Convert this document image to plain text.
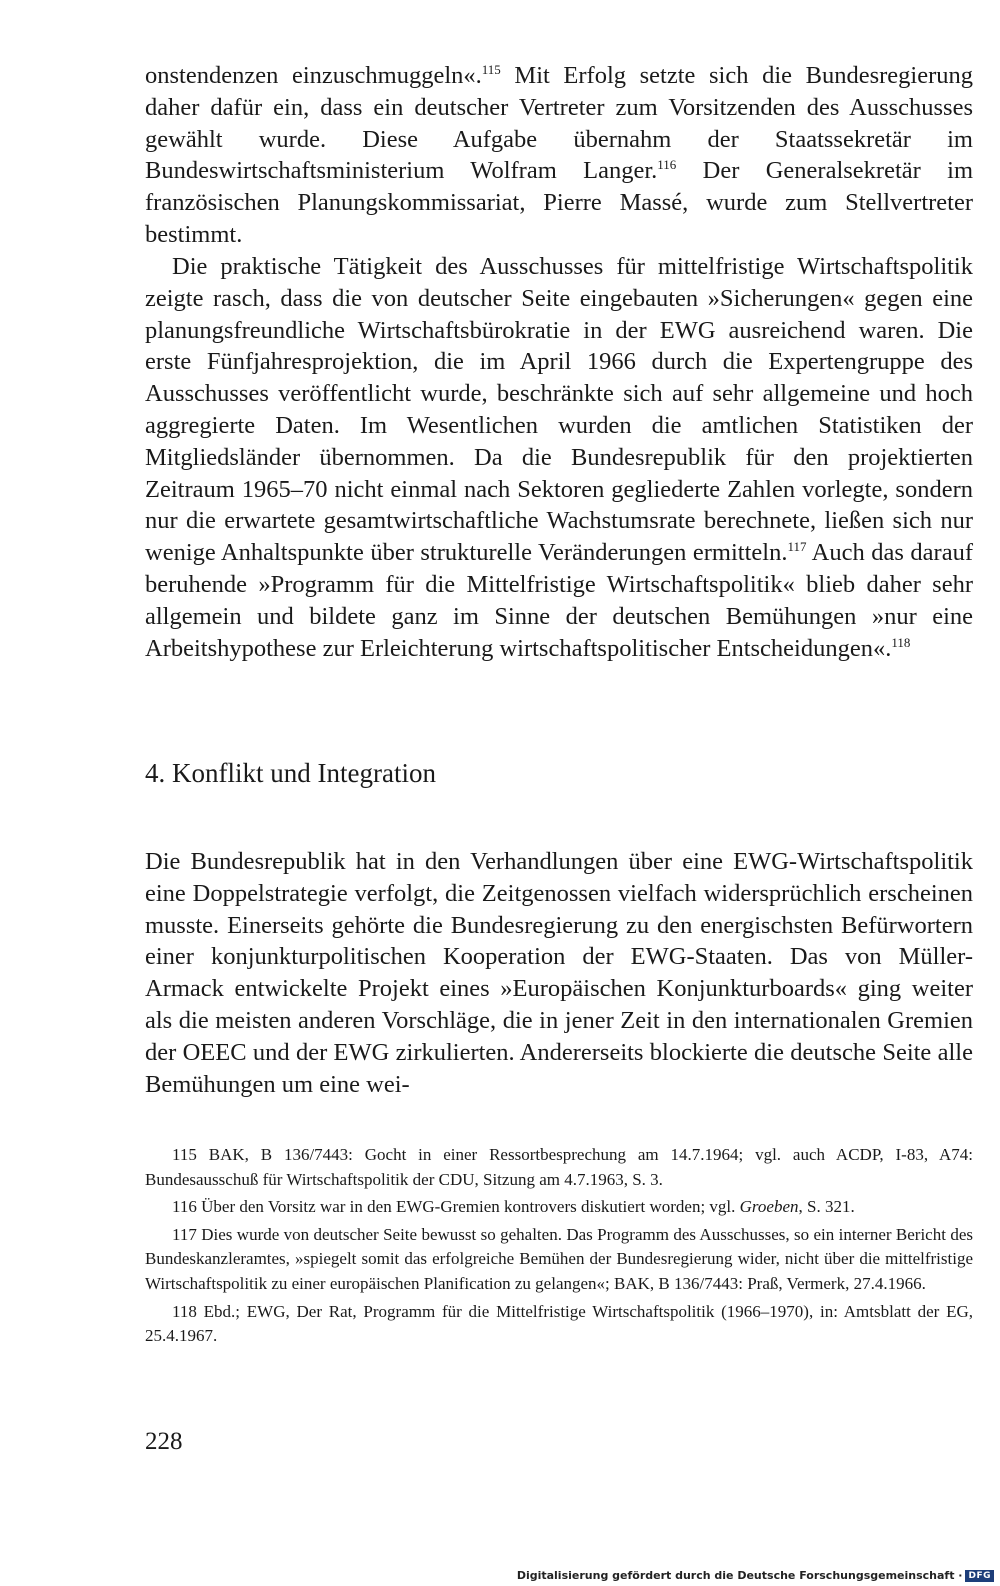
onstendenzen einzuschmuggeln«.$^{115}$ Mit Erfolg setzte sich die Bundesregierung daher dafür ein, dass ein deutscher Vertreter zum Vorsitzenden des Ausschusses gewählt wurde. Diese Aufgabe übernahm der Staatssekretär im Bundeswirtschaftsministerium Wolfram Langer.$^{116}$ Der Generalsekretär im französischen Planungskommissariat, Pierre Massé, wurde zum Stellvertreter bestimmt.

Die praktische Tätigkeit des Ausschusses für mittelfristige Wirtschaftspolitik zeigte rasch, dass die von deutscher Seite eingebauten »Sicherungen« gegen eine planungsfreundliche Wirtschaftsbürokratie in der EWG ausreichend waren. Die erste Fünfjahresprojektion, die im April 1966 durch die Expertengruppe des Ausschusses veröffentlicht wurde, beschränkte sich auf sehr allgemeine und hoch aggregierte Daten. Im Wesentlichen wurden die amtlichen Statistiken der Mitgliedsländer übernommen. Da die Bundesrepublik für den projektierten Zeitraum 1965–70 nicht einmal nach Sektoren gegliederte Zahlen vorlegte, sondern nur die erwartete gesamtwirtschaftliche Wachstumsrate berechnete, ließen sich nur wenige Anhaltspunkte über strukturelle Veränderungen ermitteln.$^{117}$ Auch das darauf beruhende »Programm für die Mittelfristige Wirtschaftspolitik« blieb daher sehr allgemein und bildete ganz im Sinne der deutschen Bemühungen »nur eine Arbeitshypothese zur Erleichterung wirtschaftspolitischer Entscheidungen«.$^{118}$

4. Konflikt und Integration

Die Bundesrepublik hat in den Verhandlungen über eine EWG-Wirtschaftspolitik eine Doppelstrategie verfolgt, die Zeitgenossen vielfach widersprüchlich erscheinen musste. Einerseits gehörte die Bundesregierung zu den energischsten Befürwortern einer konjunkturpolitischen Kooperation der EWG-Staaten. Das von Müller-Armack entwickelte Projekt eines »Europäischen Konjunkturboards« ging weiter als die meisten anderen Vorschläge, die in jener Zeit in den internationalen Gremien der OEEC und der EWG zirkulierten. Andererseits blockierte die deutsche Seite alle Bemühungen um eine wei-

115 BAK, B 136/7443: Gocht in einer Ressortbesprechung am 14.7.1964; vgl. auch ACDP, I-83, A74: Bundesausschuß für Wirtschaftspolitik der CDU, Sitzung am 4.7.1963, S. 3.

116 Über den Vorsitz war in den EWG-Gremien kontrovers diskutiert worden; vgl. Groeben, S. 321.

117 Dies wurde von deutscher Seite bewusst so gehalten. Das Programm des Ausschusses, so ein interner Bericht des Bundeskanzleramtes, »spiegelt somit das erfolgreiche Bemühen der Bundesregierung wider, nicht über die mittelfristige Wirtschaftspolitik zu einer europäischen Planification zu gelangen«; BAK, B 136/7443: Praß, Vermerk, 27.4.1966.

118 Ebd.; EWG, Der Rat, Programm für die Mittelfristige Wirtschaftspolitik (1966–1970), in: Amtsblatt der EG, 25.4.1967.

228
Digitalisierung gefördert durch die Deutsche Forschungsgemeinschaft · DFG
